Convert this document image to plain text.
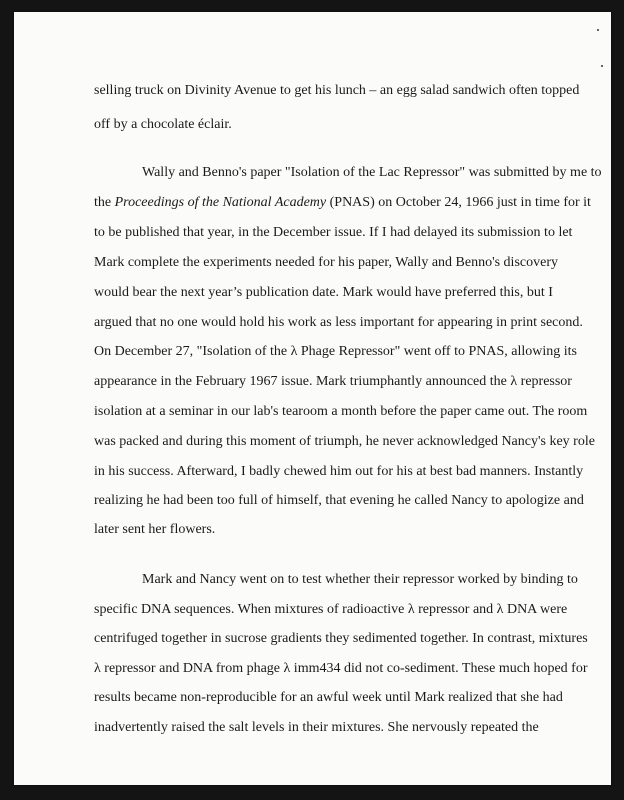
selling truck on Divinity Avenue to get his lunch – an egg salad sandwich often topped
off by a chocolate éclair.
Wally and Benno's paper "Isolation of the Lac Repressor" was submitted by me to
the Proceedings of the National Academy (PNAS) on October 24, 1966 just in time for it
to be published that year, in the December issue. If I had delayed its submission to let
Mark complete the experiments needed for his paper, Wally and Benno's discovery
would bear the next year’s publication date. Mark would have preferred this, but I
argued that no one would hold his work as less important for appearing in print second.
On December 27, "Isolation of the λ Phage Repressor" went off to PNAS, allowing its
appearance in the February 1967 issue. Mark triumphantly announced the λ repressor
isolation at a seminar in our lab's tearoom a month before the paper came out. The room
was packed and during this moment of triumph, he never acknowledged Nancy's key role
in his success. Afterward, I badly chewed him out for his at best bad manners. Instantly
realizing he had been too full of himself, that evening he called Nancy to apologize and
later sent her flowers.
Mark and Nancy went on to test whether their repressor worked by binding to
specific DNA sequences. When mixtures of radioactive λ repressor and λ DNA were
centrifuged together in sucrose gradients they sedimented together. In contrast, mixtures
λ repressor and DNA from phage λ imm434 did not co-sediment. These much hoped for
results became non-reproducible for an awful week until Mark realized that she had
inadvertently raised the salt levels in their mixtures. She nervously repeated the
